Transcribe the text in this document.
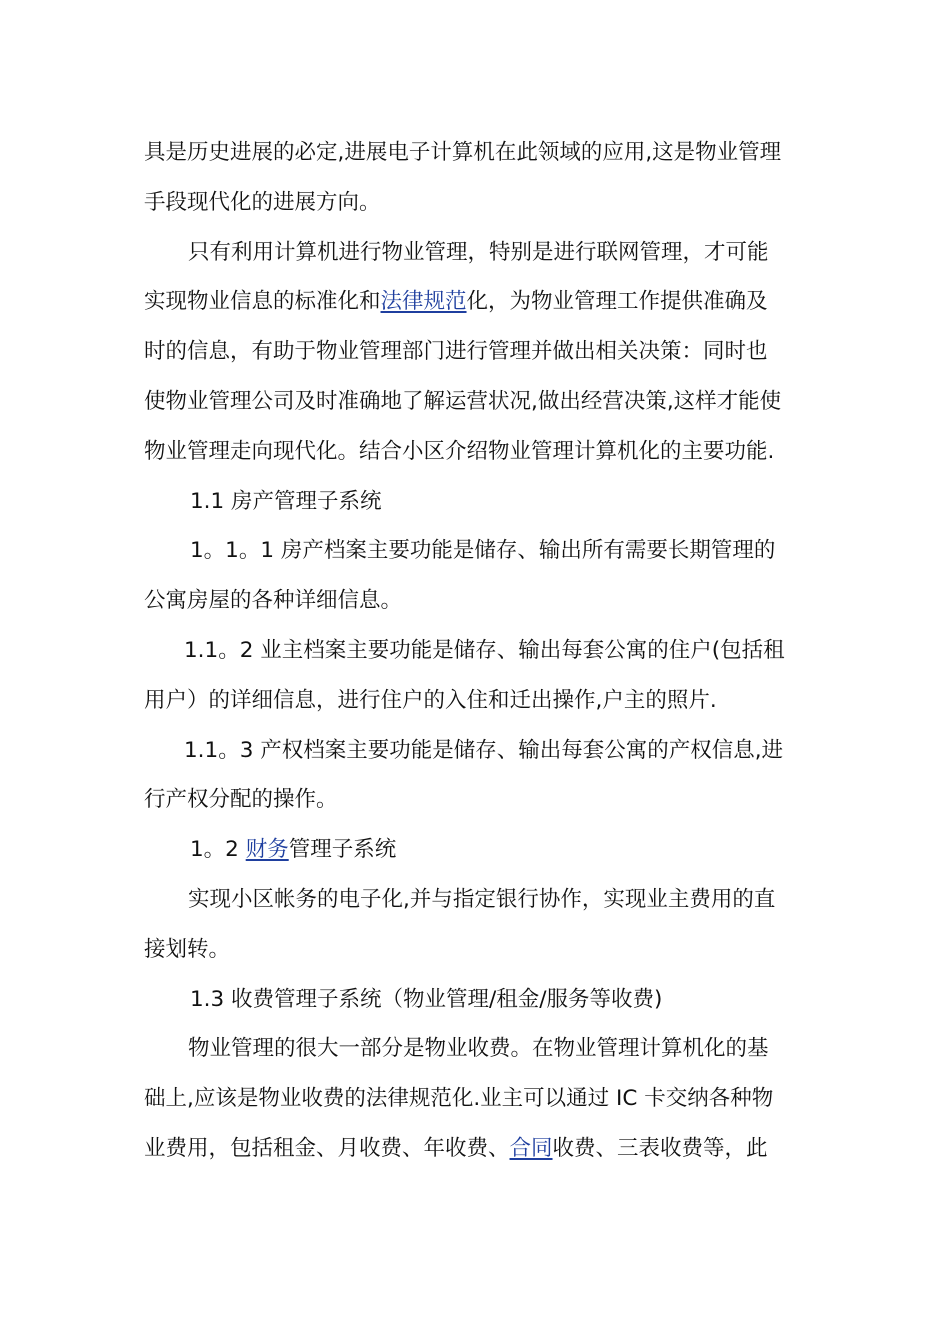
具是历史进展的必定,进展电子计算机在此领域的应用,这是物业管理
手段现代化的进展方向。
只有利用计算机进行物业管理，特别是进行联网管理，才可能
实现物业信息的标准化和法律规范化，为物业管理工作提供准确及
时的信息，有助于物业管理部门进行管理并做出相关决策：同时也
使物业管理公司及时准确地了解运营状况,做出经营决策,这样才能使
物业管理走向现代化。结合小区介绍物业管理计算机化的主要功能.
1.1 房产管理子系统
1。1。1 房产档案主要功能是储存、输出所有需要长期管理的
公寓房屋的各种详细信息。
1.1。2 业主档案主要功能是储存、输出每套公寓的住户(包括租
用户）的详细信息，进行住户的入住和迁出操作,户主的照片.
1.1。3 产权档案主要功能是储存、输出每套公寓的产权信息,进
行产权分配的操作。
1。2 财务管理子系统
实现小区帐务的电子化,并与指定银行协作，实现业主费用的直
接划转。
1.3 收费管理子系统（物业管理/租金/服务等收费)
物业管理的很大一部分是物业收费。在物业管理计算机化的基
础上,应该是物业收费的法律规范化.业主可以通过 IC 卡交纳各种物
业费用，包括租金、月收费、年收费、合同收费、三表收费等，此
